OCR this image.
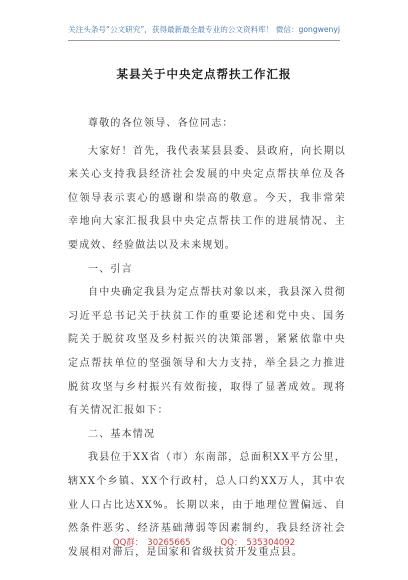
关注头条号“公文研究”，获得最新最全最专业的公文资料库！ 微信：gongwenyj
某县关于中央定点帮扶工作汇报

尊敬的各位领导、各位同志：

大家好！首先，我代表某县县委、县政府，向长期以来关心支持我县经济社会发展的中央定点帮扶单位及各位领导表示衷心的感谢和崇高的敬意。今天，我非常荣幸地向大家汇报我县中央定点帮扶工作的进展情况、主要成效、经验做法以及未来规划。

一、引言

自中央确定我县为定点帮扶对象以来，我县深入贯彻习近平总书记关于扶贫工作的重要论述和党中央、国务院关于脱贫攻坚及乡村振兴的决策部署，紧紧依靠中央定点帮扶单位的坚强领导和大力支持，举全县之力推进脱贫攻坚与乡村振兴有效衔接，取得了显著成效。现将有关情况汇报如下：

二、基本情况

我县位于XX省（市）东南部，总面积XX平方公里，辖XX个乡镇、XX个行政村，总人口约XX万人，其中农业人口占比达XX%。长期以来，由于地理位置偏远、自然条件恶劣、经济基础薄弱等因素制约，我县经济社会发展相对滞后，是国家和省级扶贫开发重点县。

QQ群： 30265665	QQ： 535304092
